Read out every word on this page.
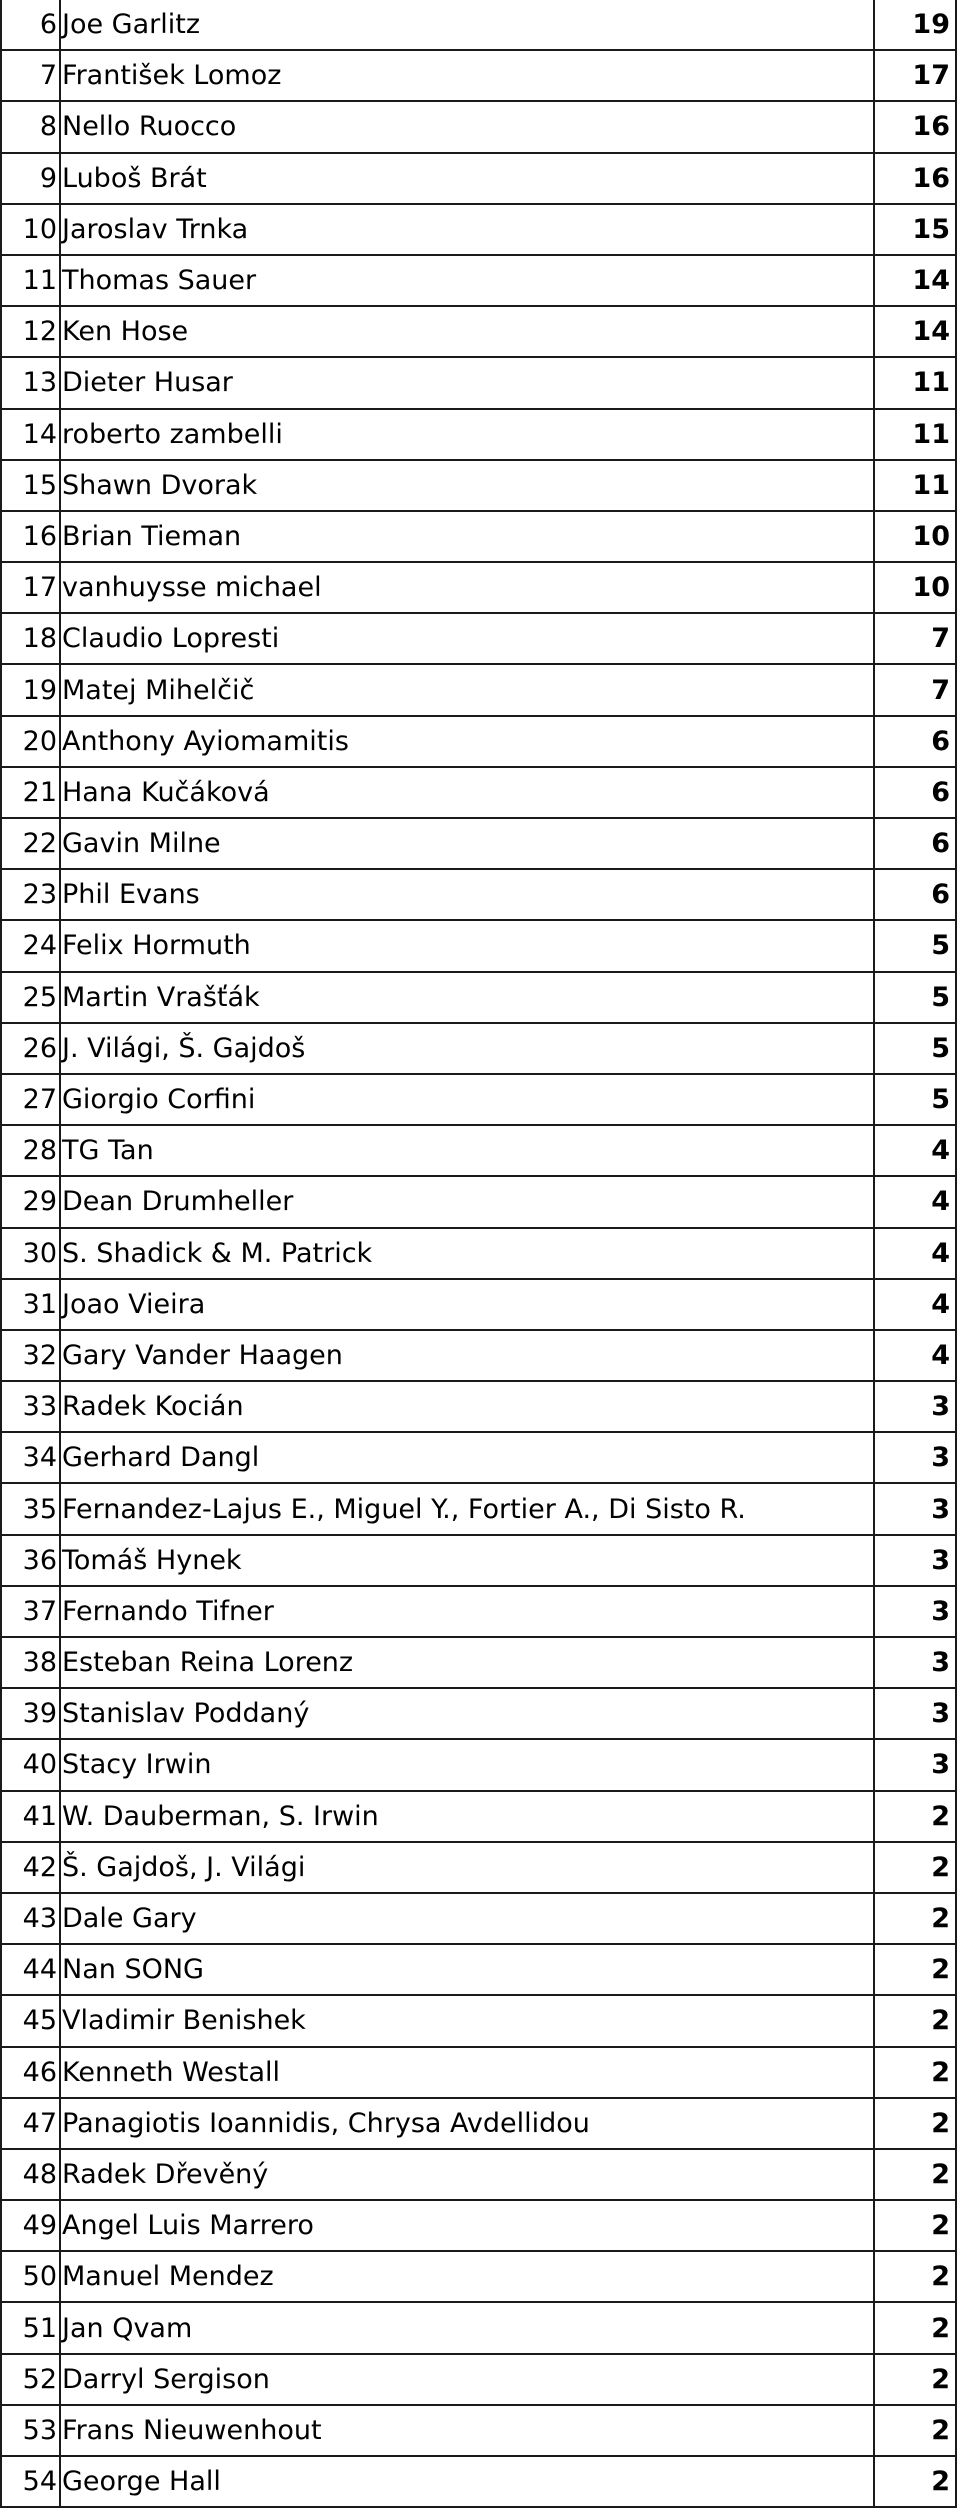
6	Joe Garlitz	19
7	František Lomoz	17
8	Nello Ruocco	16
9	Luboš Brát	16
10	Jaroslav Trnka	15
11	Thomas Sauer	14
12	Ken Hose	14
13	Dieter Husar	11
14	roberto zambelli	11
15	Shawn Dvorak	11
16	Brian Tieman	10
17	vanhuysse michael	10
18	Claudio Lopresti	7
19	Matej Mihelčič	7
20	Anthony Ayiomamitis	6
21	Hana Kučáková	6
22	Gavin Milne	6
23	Phil Evans	6
24	Felix Hormuth	5
25	Martin Vrašťák	5
26	J. Világi, Š. Gajdoš	5
27	Giorgio Corfini	5
28	TG Tan	4
29	Dean Drumheller	4
30	S. Shadick & M. Patrick	4
31	Joao Vieira	4
32	Gary Vander Haagen	4
33	Radek Kocián	3
34	Gerhard Dangl	3
35	Fernandez-Lajus E., Miguel Y., Fortier A., Di Sisto R.	3
36	Tomáš Hynek	3
37	Fernando Tifner	3
38	Esteban Reina Lorenz	3
39	Stanislav Poddaný	3
40	Stacy Irwin	3
41	W. Dauberman, S. Irwin	2
42	Š. Gajdoš, J. Világi	2
43	Dale Gary	2
44	Nan SONG	2
45	Vladimir Benishek	2
46	Kenneth Westall	2
47	Panagiotis Ioannidis, Chrysa Avdellidou	2
48	Radek Dřevěný	2
49	Angel Luis Marrero	2
50	Manuel Mendez	2
51	Jan Qvam	2
52	Darryl Sergison	2
53	Frans Nieuwenhout	2
54	George Hall	2
